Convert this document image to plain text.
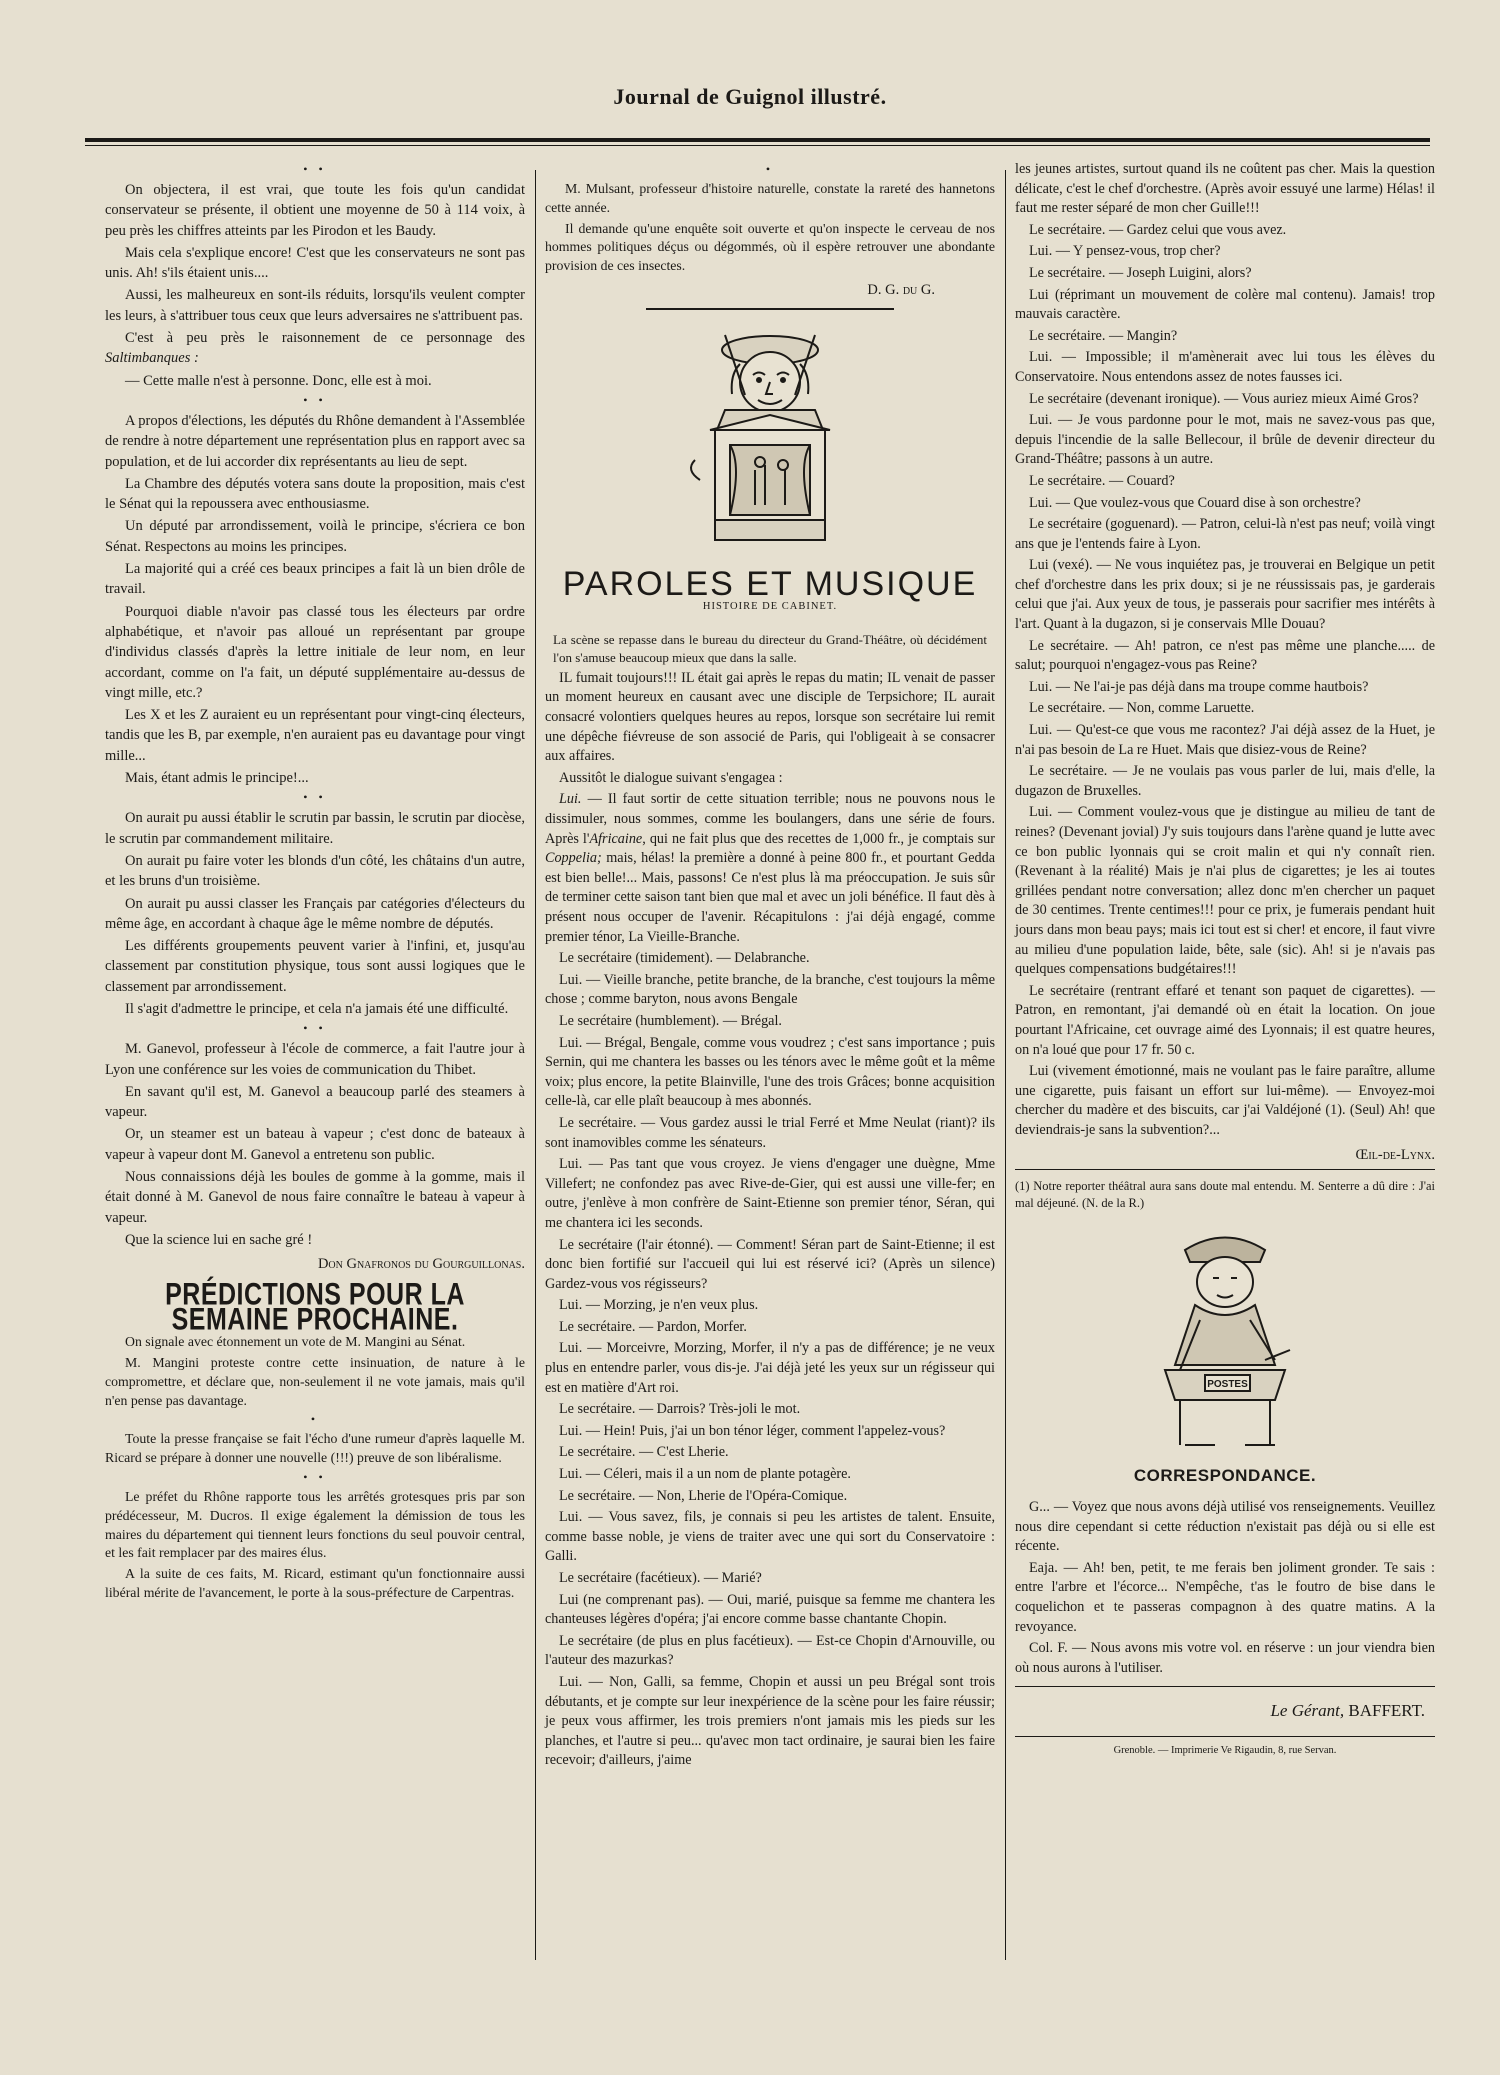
Journal de Guignol illustré.
• •

On objectera, il est vrai, que toute les fois qu'un candidat conservateur se présente, il obtient une moyenne de 50 à 114 voix, à peu près les chiffres atteints par les Pirodon et les Baudy.

Mais cela s'explique encore! C'est que les conservateurs ne sont pas unis. Ah! s'ils étaient unis....

Aussi, les malheureux en sont-ils réduits, lorsqu'ils veulent compter les leurs, à s'attribuer tous ceux que leurs adversaires ne s'attribuent pas.

C'est à peu près le raisonnement de ce personnage des Saltimbanques :

— Cette malle n'est à personne. Donc, elle est à moi.

• •

A propos d'élections, les députés du Rhône demandent à l'Assemblée de rendre à notre département une représentation plus en rapport avec sa population, et de lui accorder dix représentants au lieu de sept.

La Chambre des députés votera sans doute la proposition, mais c'est le Sénat qui la repoussera avec enthousiasme.

Un député par arrondissement, voilà le principe, s'écriera ce bon Sénat. Respectons au moins les principes.

La majorité qui a créé ces beaux principes a fait là un bien drôle de travail.

Pourquoi diable n'avoir pas classé tous les électeurs par ordre alphabétique, et n'avoir pas alloué un représentant par groupe d'individus classés d'après la lettre initiale de leur nom, en leur accordant, comme on l'a fait, un député supplémentaire au-dessus de vingt mille, etc.?

Les X et les Z auraient eu un représentant pour vingt-cinq électeurs, tandis que les B, par exemple, n'en auraient pas eu davantage pour vingt mille...

Mais, étant admis le principe!...

• •

On aurait pu aussi établir le scrutin par bassin, le scrutin par diocèse, le scrutin par commandement militaire.

On aurait pu faire voter les blonds d'un côté, les châtains d'un autre, et les bruns d'un troisième.

On aurait pu aussi classer les Français par catégories d'électeurs du même âge, en accordant à chaque âge le même nombre de députés.

Les différents groupements peuvent varier à l'infini, et, jusqu'au classement par constitution physique, tous sont aussi logiques que le classement par arrondissement.

Il s'agit d'admettre le principe, et cela n'a jamais été une difficulté.

• •

M. Ganevol, professeur à l'école de commerce, a fait l'autre jour à Lyon une conférence sur les voies de communication du Thibet.

En savant qu'il est, M. Ganevol a beaucoup parlé des steamers à vapeur.

Or, un steamer est un bateau à vapeur ; c'est donc de bateaux à vapeur à vapeur dont M. Ganevol a entretenu son public.

Nous connaissions déjà les boules de gomme à la gomme, mais il était donné à M. Ganevol de nous faire connaître le bateau à vapeur à vapeur.

Que la science lui en sache gré !

Don Gnafronos du Gourguillonas.
PRÉDICTIONS POUR LA SEMAINE PROCHAINE.

On signale avec étonnement un vote de M. Mangini au Sénat.

M. Mangini proteste contre cette insinuation, de nature à le compromettre, et déclare que, non-seulement il ne vote jamais, mais qu'il n'en pense pas davantage.

•

Toute la presse française se fait l'écho d'une rumeur d'après laquelle M. Ricard se prépare à donner une nouvelle (!!!) preuve de son libéralisme.

• •

Le préfet du Rhône rapporte tous les arrêtés grotesques pris par son prédécesseur, M. Ducros. Il exige également la démission de tous les maires du département qui tiennent leurs fonctions du seul pouvoir central, et les fait remplacer par des maires élus.

A la suite de ces faits, M. Ricard, estimant qu'un fonctionnaire aussi libéral mérite de l'avancement, le porte à la sous-préfecture de Carpentras.

•

M. Mulsant, professeur d'histoire naturelle, constate la rareté des hannetons cette année.

Il demande qu'une enquête soit ouverte et qu'on inspecte le cerveau de nos hommes politiques déçus ou dégommés, où il espère retrouver une abondante provision de ces insectes.

D. G. du G.
PAROLES ET MUSIQUE
HISTOIRE DE CABINET.

La scène se repasse dans le bureau du directeur du Grand-Théâtre, où décidément l'on s'amuse beaucoup mieux que dans la salle.

IL fumait toujours!!! IL était gai après le repas du matin; IL venait de passer un moment heureux en causant avec une disciple de Terpsichore; IL aurait consacré volontiers quelques heures au repos, lorsque son secrétaire lui remit une dépêche fiévreuse de son associé de Paris, qui l'obligeait à se consacrer aux affaires.

Aussitôt le dialogue suivant s'engagea :

Lui. — Il faut sortir de cette situation terrible; nous ne pouvons nous le dissimuler, nous sommes, comme les boulangers, dans une série de fours. Après l'Africaine, qui ne fait plus que des recettes de 1,000 fr., je comptais sur Coppelia; mais, hélas! la première a donné à peine 800 fr., et pourtant Gedda est bien belle!... Mais, passons! Ce n'est plus là ma préoccupation. Je suis sûr de terminer cette saison tant bien que mal et avec un joli bénéfice. Il faut dès à présent nous occuper de l'avenir. Récapitulons : j'ai déjà engagé, comme premier ténor, La Vieille-Branche.

Le secrétaire (timidement). — Delabranche.

Lui. — Vieille branche, petite branche, de la branche, c'est toujours la même chose ; comme baryton, nous avons Bengale

Le secrétaire (humblement). — Brégal.

Lui. — Brégal, Bengale, comme vous voudrez ; c'est sans importance ; puis Sernin, qui me chantera les basses ou les ténors avec le même goût et la même voix; plus encore, la petite Blainville, l'une des trois Grâces; bonne acquisition celle-là, car elle plaît beaucoup à mes abonnés.

Le secrétaire. — Vous gardez aussi le trial Ferré et Mme Neulat (riant)? ils sont inamovibles comme les sénateurs.

Lui. — Pas tant que vous croyez. Je viens d'engager une duègne, Mme Villefert; ne confondez pas avec Rive-de-Gier, qui est aussi une ville-fer; en outre, j'enlève à mon confrère de Saint-Etienne son premier ténor, Séran, qui me chantera ici les seconds.

Le secrétaire (l'air étonné). — Comment! Séran part de Saint-Etienne; il est donc bien fortifié sur l'accueil qui lui est réservé ici? (Après un silence) Gardez-vous vos régisseurs?

Lui. — Morzing, je n'en veux plus.

Le secrétaire. — Pardon, Morfer.

Lui. — Morceivre, Morzing, Morfer, il n'y a pas de différence; je ne veux plus en entendre parler, vous dis-je. J'ai déjà jeté les yeux sur un régisseur qui est en matière d'Art roi.

Le secrétaire. — Darrois? Très-joli le mot.

Lui. — Hein! Puis, j'ai un bon ténor léger, comment l'appelez-vous?

Le secrétaire. — C'est Lherie.

Lui. — Céleri, mais il a un nom de plante potagère.

Le secrétaire. — Non, Lherie de l'Opéra-Comique.

Lui. — Vous savez, fils, je connais si peu les artistes de talent. Ensuite, comme basse noble, je viens de traiter avec une qui sort du Conservatoire : Galli.

Le secrétaire (facétieux). — Marié?

Lui (ne comprenant pas). — Oui, marié, puisque sa femme me chantera les chanteuses légères d'opéra; j'ai encore comme basse chantante Chopin.

Le secrétaire (de plus en plus facétieux). — Est-ce Chopin d'Arnouville, ou l'auteur des mazurkas?

Lui. — Non, Galli, sa femme, Chopin et aussi un peu Brégal sont trois débutants, et je compte sur leur inexpérience de la scène pour les faire réussir; je peux vous affirmer, les trois premiers n'ont jamais mis les pieds sur les planches, et l'autre si peu... qu'avec mon tact ordinaire, je saurai bien les faire recevoir; d'ailleurs, j'aime

les jeunes artistes, surtout quand ils ne coûtent pas cher. Mais la question délicate, c'est le chef d'orchestre. (Après avoir essuyé une larme) Hélas! il faut me rester séparé de mon cher Guille!!!

Le secrétaire. — Gardez celui que vous avez.

Lui. — Y pensez-vous, trop cher?

Le secrétaire. — Joseph Luigini, alors?

Lui (réprimant un mouvement de colère mal contenu). Jamais! trop mauvais caractère.

Le secrétaire. — Mangin?

Lui. — Impossible; il m'amènerait avec lui tous les élèves du Conservatoire. Nous entendons assez de notes fausses ici.

Le secrétaire (devenant ironique). — Vous auriez mieux Aimé Gros?

Lui. — Je vous pardonne pour le mot, mais ne savez-vous pas que, depuis l'incendie de la salle Bellecour, il brûle de devenir directeur du Grand-Théâtre; passons à un autre.

Le secrétaire. — Couard?

Lui. — Que voulez-vous que Couard dise à son orchestre?

Le secrétaire (goguenard). — Patron, celui-là n'est pas neuf; voilà vingt ans que je l'entends faire à Lyon.

Lui (vexé). — Ne vous inquiétez pas, je trouverai en Belgique un petit chef d'orchestre dans les prix doux; si je ne réussissais pas, je garderais celui que j'ai. Aux yeux de tous, je passerais pour sacrifier mes intérêts à l'art. Quant à la dugazon, si je conservais Mlle Douau?

Le secrétaire. — Ah! patron, ce n'est pas même une planche..... de salut; pourquoi n'engagez-vous pas Reine?

Lui. — Ne l'ai-je pas déjà dans ma troupe comme hautbois?

Le secrétaire. — Non, comme Laruette.

Lui. — Qu'est-ce que vous me racontez? J'ai déjà assez de la Huet, je n'ai pas besoin de La re Huet. Mais que disiez-vous de Reine?

Le secrétaire. — Je ne voulais pas vous parler de lui, mais d'elle, la dugazon de Bruxelles.

Lui. — Comment voulez-vous que je distingue au milieu de tant de reines? (Devenant jovial) J'y suis toujours dans l'arène quand je lutte avec ce bon public lyonnais qui se croit malin et qui n'y connaît rien. (Revenant à la réalité) Mais je n'ai plus de cigarettes; je les ai toutes grillées pendant notre conversation; allez donc m'en chercher un paquet de 30 centimes. Trente centimes!!! pour ce prix, je fumerais pendant huit jours dans mon beau pays; mais ici tout est si cher! et encore, il faut vivre au milieu d'une population laide, bête, sale (sic). Ah! si je n'avais pas quelques compensations budgétaires!!!

Le secrétaire (rentrant effaré et tenant son paquet de cigarettes). — Patron, en remontant, j'ai demandé où en était la location. On joue pourtant l'Africaine, cet ouvrage aimé des Lyonnais; il est quatre heures, on n'a loué que pour 17 fr. 50 c.

Lui (vivement émotionné, mais ne voulant pas le faire paraître, allume une cigarette, puis faisant un effort sur lui-même). — Envoyez-moi chercher du madère et des biscuits, car j'ai Valdéjoné (1). (Seul) Ah! que deviendrais-je sans la subvention?...

Œil-de-Lynx.
(1) Notre reporter théâtral aura sans doute mal entendu. M. Senterre a dû dire : J'ai mal déjeuné. (N. de la R.)
POSTES
CORRESPONDANCE.

G... — Voyez que nous avons déjà utilisé vos renseignements. Veuillez nous dire cependant si cette réduction n'existait pas déjà ou si elle est récente.

Eaja. — Ah! ben, petit, te me ferais ben joliment gronder. Te sais : entre l'arbre et l'écorce... N'empêche, t'as le foutro de bise dans le coquelichon et te passeras compagnon à des quatre matins. A la revoyance.

Col. F. — Nous avons mis votre vol. en réserve : un jour viendra bien où nous aurons à l'utiliser.

Le Gérant, BAFFERT.
Grenoble. — Imprimerie Ve Rigaudin, 8, rue Servan.
